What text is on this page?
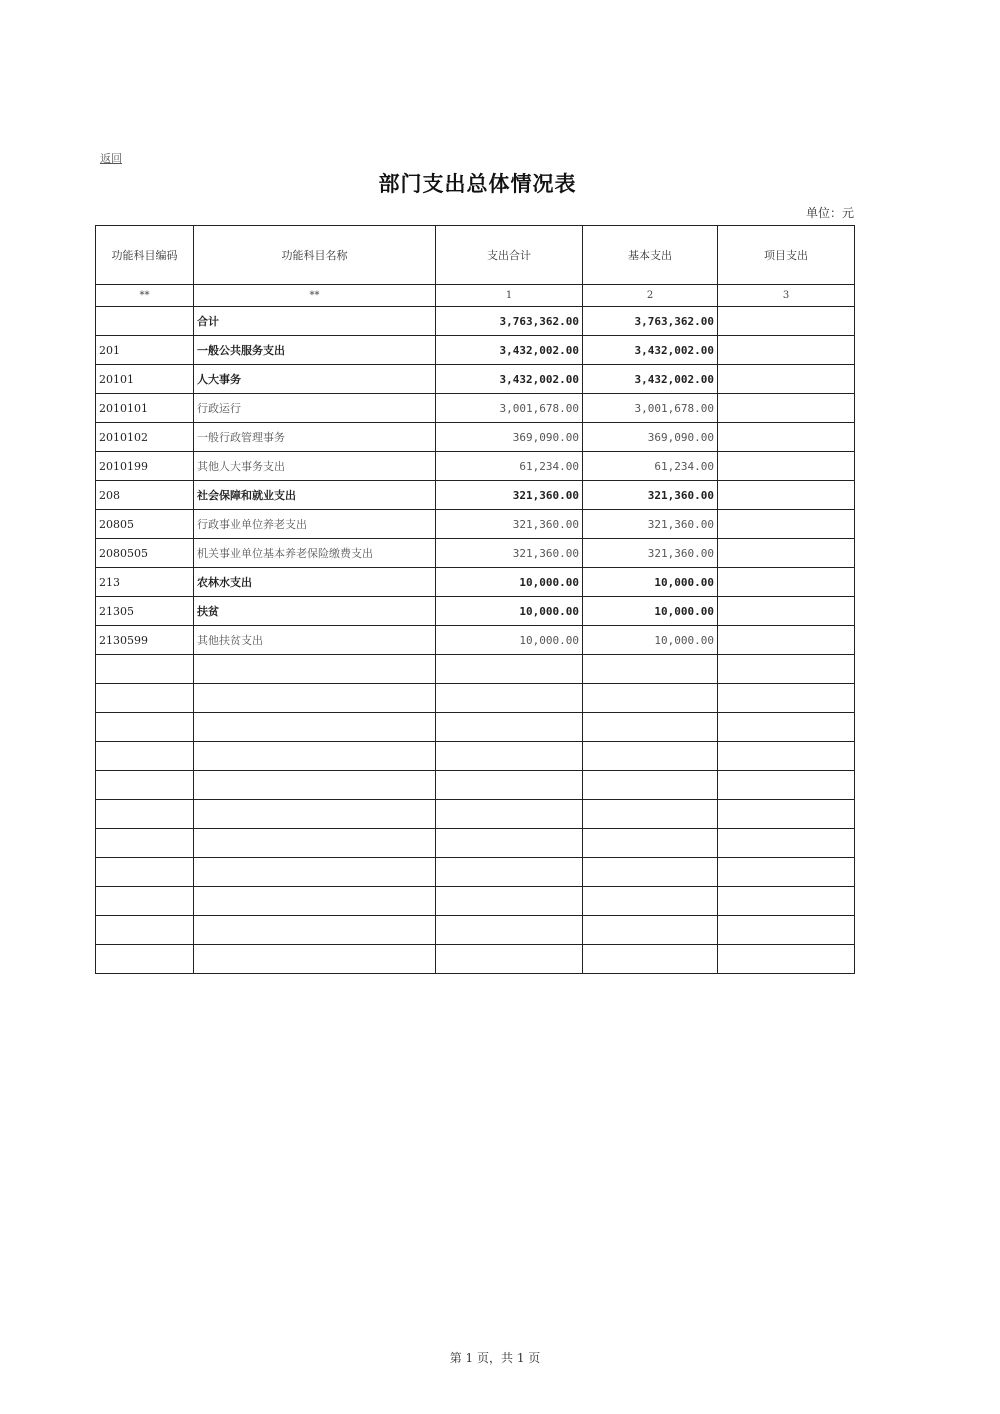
返回
部门支出总体情况表
单位：元
功能科目编码	功能科目名称	支出合计	基本支出	项目支出
**	**	1	2	3
	合计	3,763,362.00	3,763,362.00	
201	一般公共服务支出	3,432,002.00	3,432,002.00	
20101	人大事务	3,432,002.00	3,432,002.00	
2010101	行政运行	3,001,678.00	3,001,678.00	
2010102	一般行政管理事务	369,090.00	369,090.00	
2010199	其他人大事务支出	61,234.00	61,234.00	
208	社会保障和就业支出	321,360.00	321,360.00	
20805	行政事业单位养老支出	321,360.00	321,360.00	
2080505	机关事业单位基本养老保险缴费支出	321,360.00	321,360.00	
213	农林水支出	10,000.00	10,000.00	
21305	扶贫	10,000.00	10,000.00	
2130599	其他扶贫支出	10,000.00	10,000.00	

第 1 页，共 1 页
